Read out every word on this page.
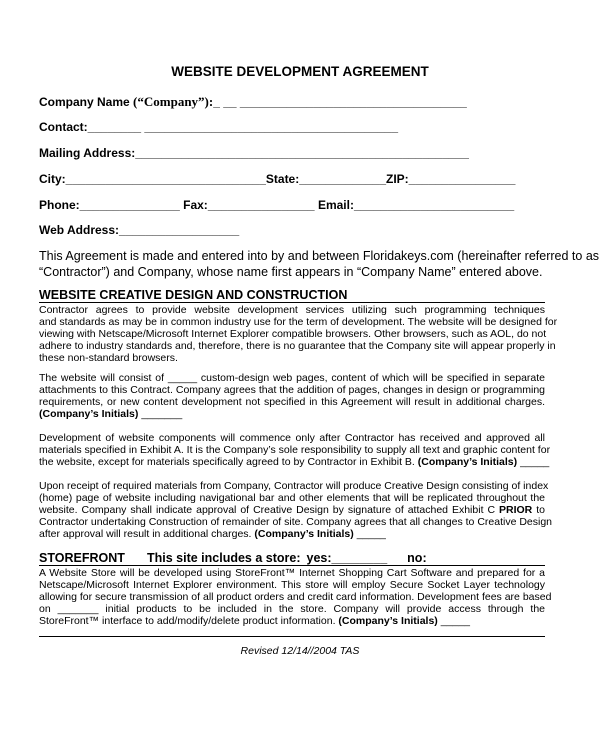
WEBSITE DEVELOPMENT AGREEMENT
Company Name (“Company”):_ __ __________________________________
Contact:________ ______________________________________
Mailing Address:__________________________________________________
City:______________________________State:_____________ZIP:________________
Phone:_______________ Fax:________________ Email:________________________
Web Address:__________________
This Agreement is made and entered into by and between Floridakeys.com (hereinafter referred to as
“Contractor”) and Company, whose name first appears in “Company Name” entered above.
WEBSITE CREATIVE DESIGN AND CONSTRUCTION
Contractor agrees to provide website development services utilizing such programming techniques
and standards as may be in common industry use for the term of development. The website will be designed for
viewing with Netscape/Microsoft Internet Explorer compatible browsers. Other browsers, such as AOL, do not
adhere to industry standards and, therefore, there is no guarantee that the Company site will appear properly in
these non-standard browsers.
The website will consist of _____ custom-design web pages, content of which will be specified in separate
attachments to this Contract. Company agrees that the addition of pages, changes in design or programming
requirements, or new content development not specified in this Agreement will result in additional charges.
(Company’s Initials) _______
Development of website components will commence only after Contractor has received and approved all
materials specified in Exhibit A. It is the Company’s sole responsibility to supply all text and graphic content for
the website, except for materials specifically agreed to by Contractor in Exhibit B. (Company’s Initials) _____
Upon receipt of required materials from Company, Contractor will produce Creative Design consisting of index
(home) page of website including navigational bar and other elements that will be replicated throughout the
website. Company shall indicate approval of Creative Design by signature of attached Exhibit C PRIOR to
Contractor undertaking Construction of remainder of site. Company agrees that all changes to Creative Design
after approval will result in additional charges. (Company’s Initials) _____
STOREFRONT This site includes a store: yes:________ no:
A Website Store will be developed using StoreFront™ Internet Shopping Cart Software and prepared for a
Netscape/Microsoft Internet Explorer environment. This store will employ Secure Socket Layer technology
allowing for secure transmission of all product orders and credit card information. Development fees are based
on _______ initial products to be included in the store. Company will provide access through the
StoreFront™ interface to add/modify/delete product information. (Company’s Initials) _____
Revised 12/14//2004 TAS
